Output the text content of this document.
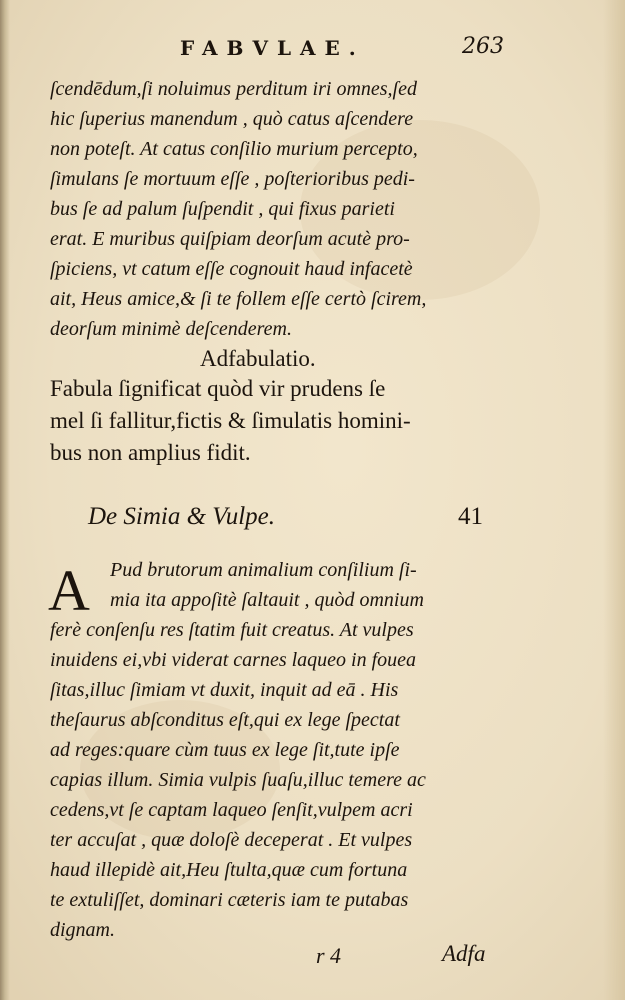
FABVLAE.	263
ſcendēdum,ſi noluimus perditum iri omnes,ſed
hic ſuperius manendum , quò catus aſcendere
non poteſt. At catus conſilio murium percepto,
ſimulans ſe mortuum eſſe , poſterioribus pedi-
bus ſe ad palum ſuſpendit , qui fixus parieti
erat. E muribus quiſpiam deorſum acutè pro-
ſpiciens, vt catum eſſe cognouit haud infacetè
ait, Heus amice,& ſi te follem eſſe certò ſcirem,
deorſum minimè deſcenderem.
Adfabulatio.
Fabula ſignificat quòd vir prudens ſe
mel ſi fallitur,fictis & ſimulatis homini-
bus non amplius fidit.
De Simia & Vulpe.	41
A Pud brutorum animalium conſilium ſi-
mia ita appoſitè ſaltauit , quòd omnium
ferè conſenſu res ſtatim fuit creatus. At vulpes
inuidens ei,vbi viderat carnes laqueo in fouea
ſitas,illuc ſimiam vt duxit, inquit ad eā . His
theſaurus abſconditus eſt,qui ex lege ſpectat
ad reges:quare cùm tuus ex lege ſit,tute ipſe
capias illum. Simia vulpis ſuaſu,illuc temere ac
cedens,vt ſe captam laqueo ſenſit,vulpem acri
ter accuſat , quæ doloſè deceperat . Et vulpes
haud illepidè ait,Heu ſtulta,quæ cum fortuna
te extuliſſet, dominari cæteris iam te putabas
dignam.
r 4	Adfa
